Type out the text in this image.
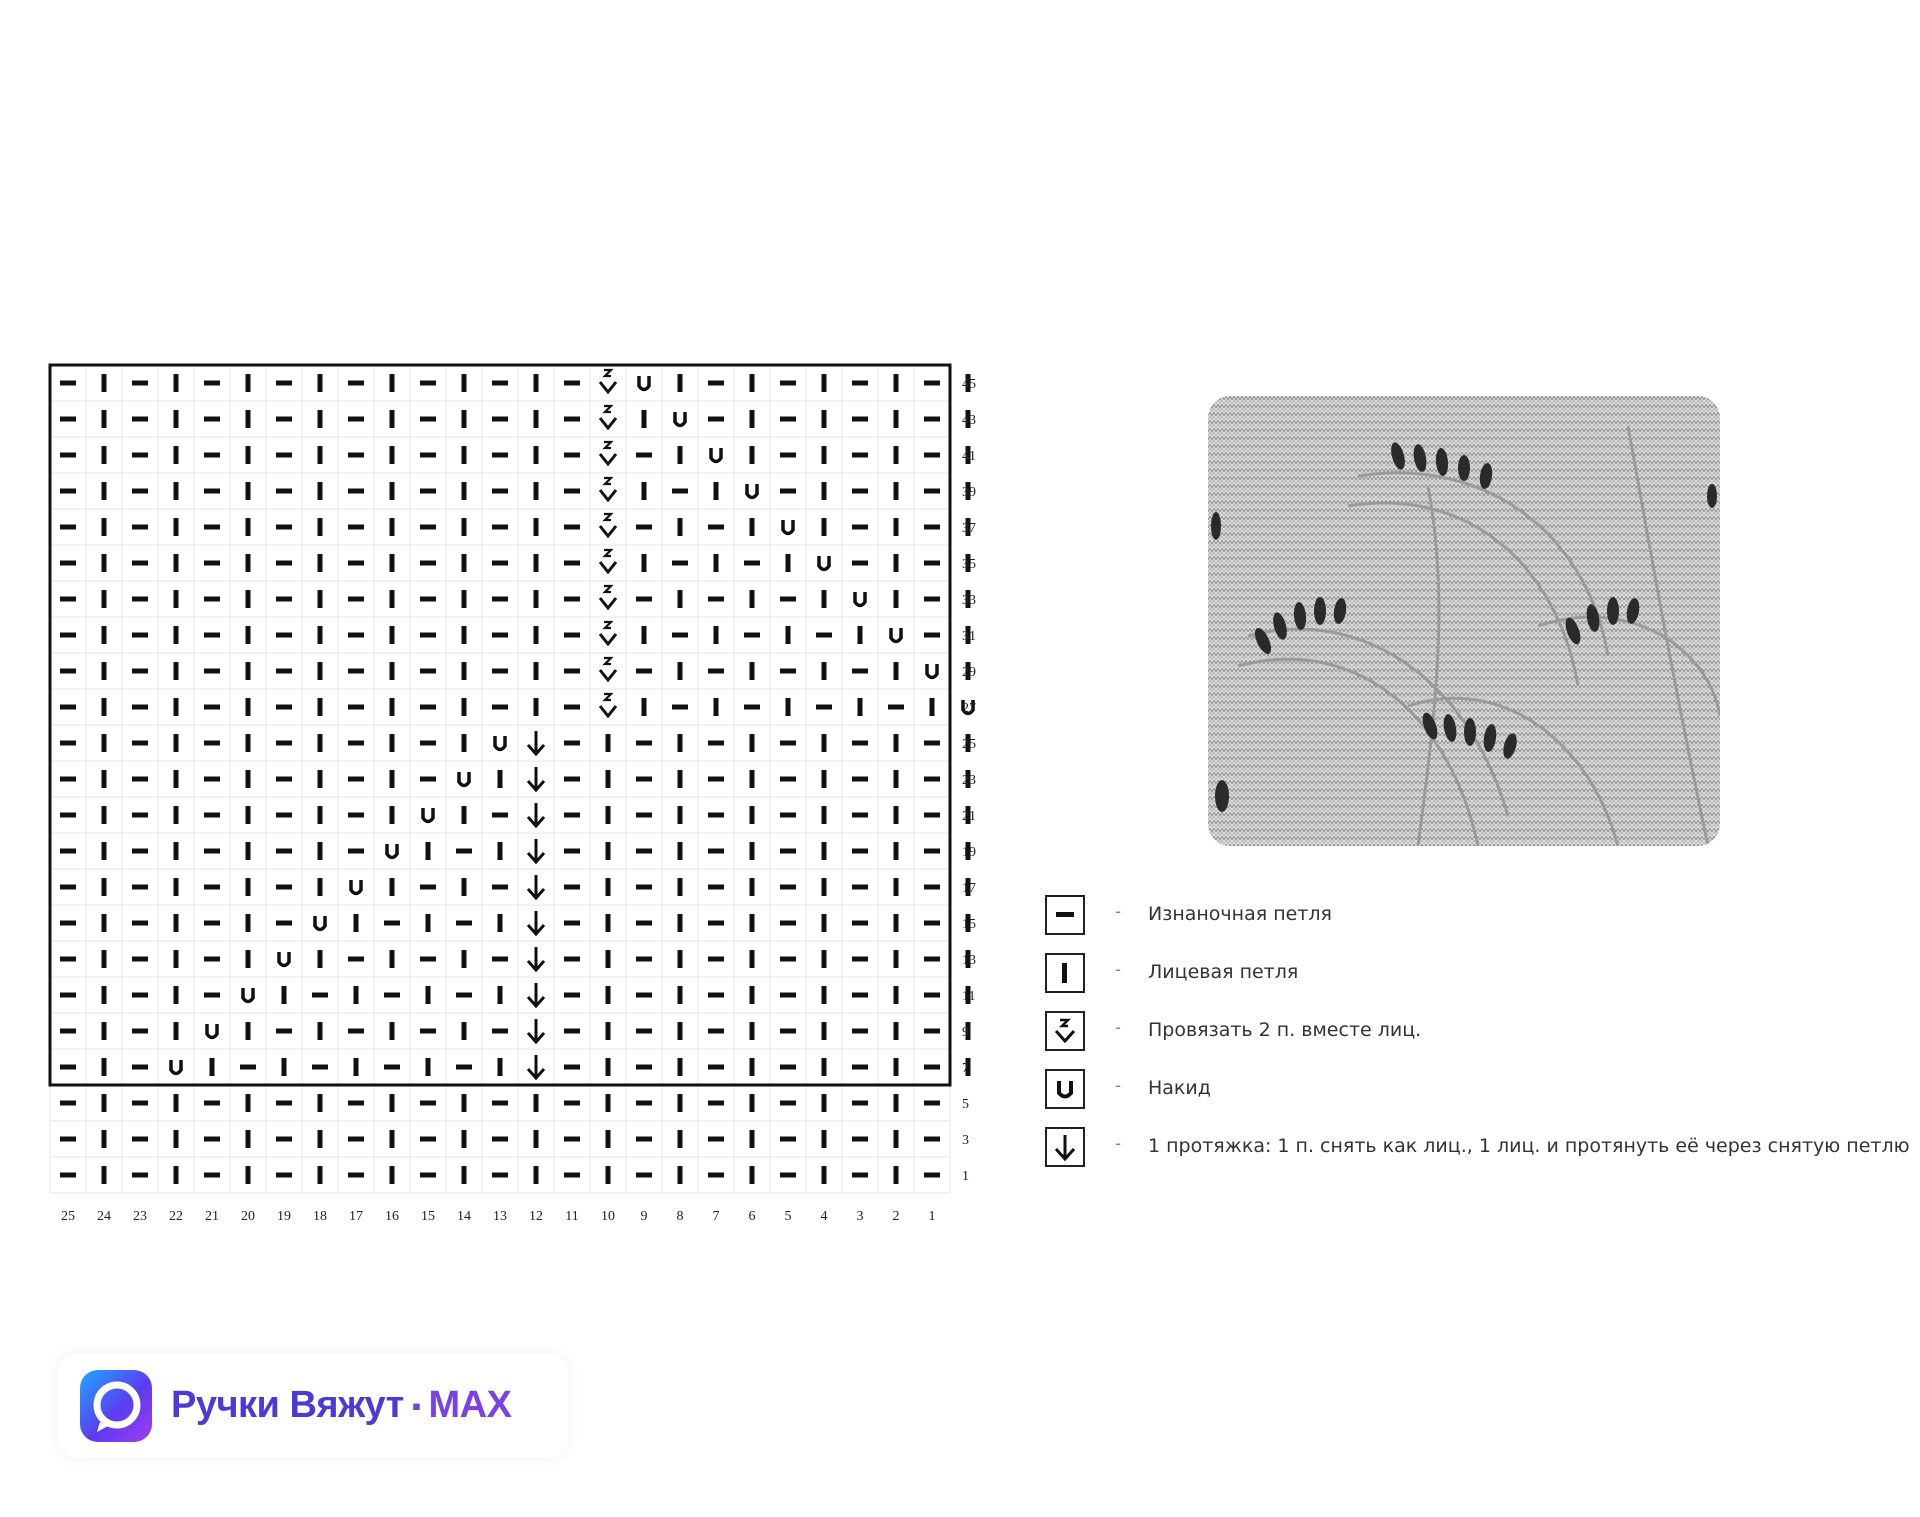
45
43
41
39
37
35
33
31
29
27
25
23
21
19
17
15
13
11
9
7
5
3
1
25 24 23 22 21 20 19 18 17 16 15 14 13 12 11 10 9 8 7 6 5 4 3 2 1
- Изнаночная петля
- Лицевая петля
- Провязать 2 п. вместе лиц.
- Накид
- 1 протяжка: 1 п. снять как лиц., 1 лиц. и протянуть её через снятую петлю
Ручки Вяжут ▪ MAX
